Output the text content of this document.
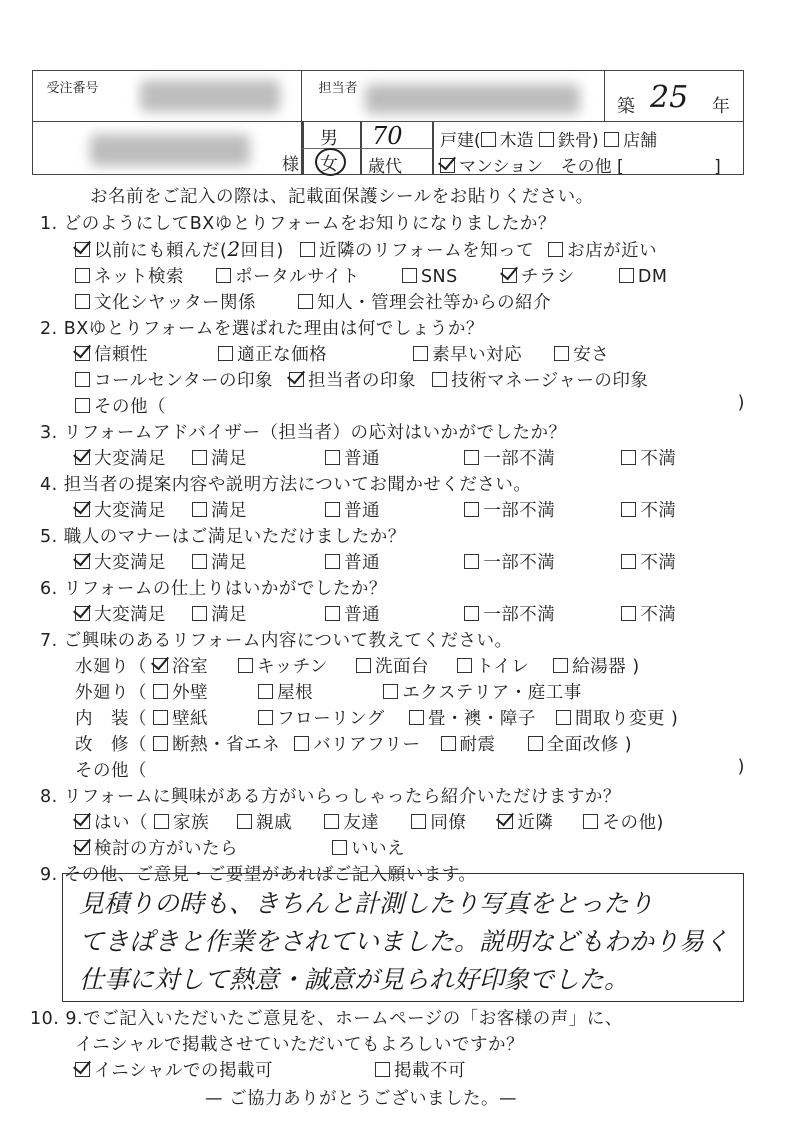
受注番号	担当者	

築 25 年
様
男
女
70
歳代
戸建( 木造 鉄骨) 店舗
マンション その他 [	]
お名前をご記入の際は、記載面保護シールをお貼りください。
1. どのようにしてBXゆとりフォームをお知りになりましたか？
以前にも頼んだ(2回目) 近隣のリフォームを知って お店が近い
ネット検索	ポータルサイト	SNS	チラシ	DM
文化シヤッター関係	知人・管理会社等からの紹介
2. BXゆとりフォームを選ばれた理由は何でしょうか？
信頼性	適正な価格	素早い対応	安さ
コールセンターの印象 担当者の印象 技術マネージャーの印象
その他（	)
3. リフォームアドバイザー（担当者）の応対はいかがでしたか？
大変満足	満足	普通	一部不満	不満
4. 担当者の提案内容や説明方法についてお聞かせください。
大変満足	満足	普通	一部不満	不満
5. 職人のマナーはご満足いただけましたか？
大変満足	満足	普通	一部不満	不満
6. リフォームの仕上りはいかがでしたか？
大変満足	満足	普通	一部不満	不満
7. ご興味のあるリフォーム内容について教えてください。
水廻り（ 浴室	キッチン	洗面台	トイレ 給湯器 )
外廻り（ 外壁	屋根	エクステリア・庭工事
内　装（ 壁紙	フローリング 畳・襖・障子 間取り変更 )
改　修（ 断熱・省エネ バリアフリー 耐震	全面改修 )
その他（	)
8. リフォームに興味がある方がいらっしゃったら紹介いただけますか？
はい（ 家族	親戚	友達	同僚	近隣	その他)
検討の方がいたら	いいえ
9. その他、ご意見・ご要望があればご記入願います。
見積りの時も、きちんと計測したり写真をとったり
てきぱきと作業をされていました。説明などもわかり易く
仕事に対して熱意・誠意が見られ好印象でした。
10. 9.でご記入いただいたご意見を、ホームページの「お客様の声」に、
イニシャルで掲載させていただいてもよろしいですか？
イニシャルでの掲載可	掲載不可
— ご協力ありがとうございました。—
